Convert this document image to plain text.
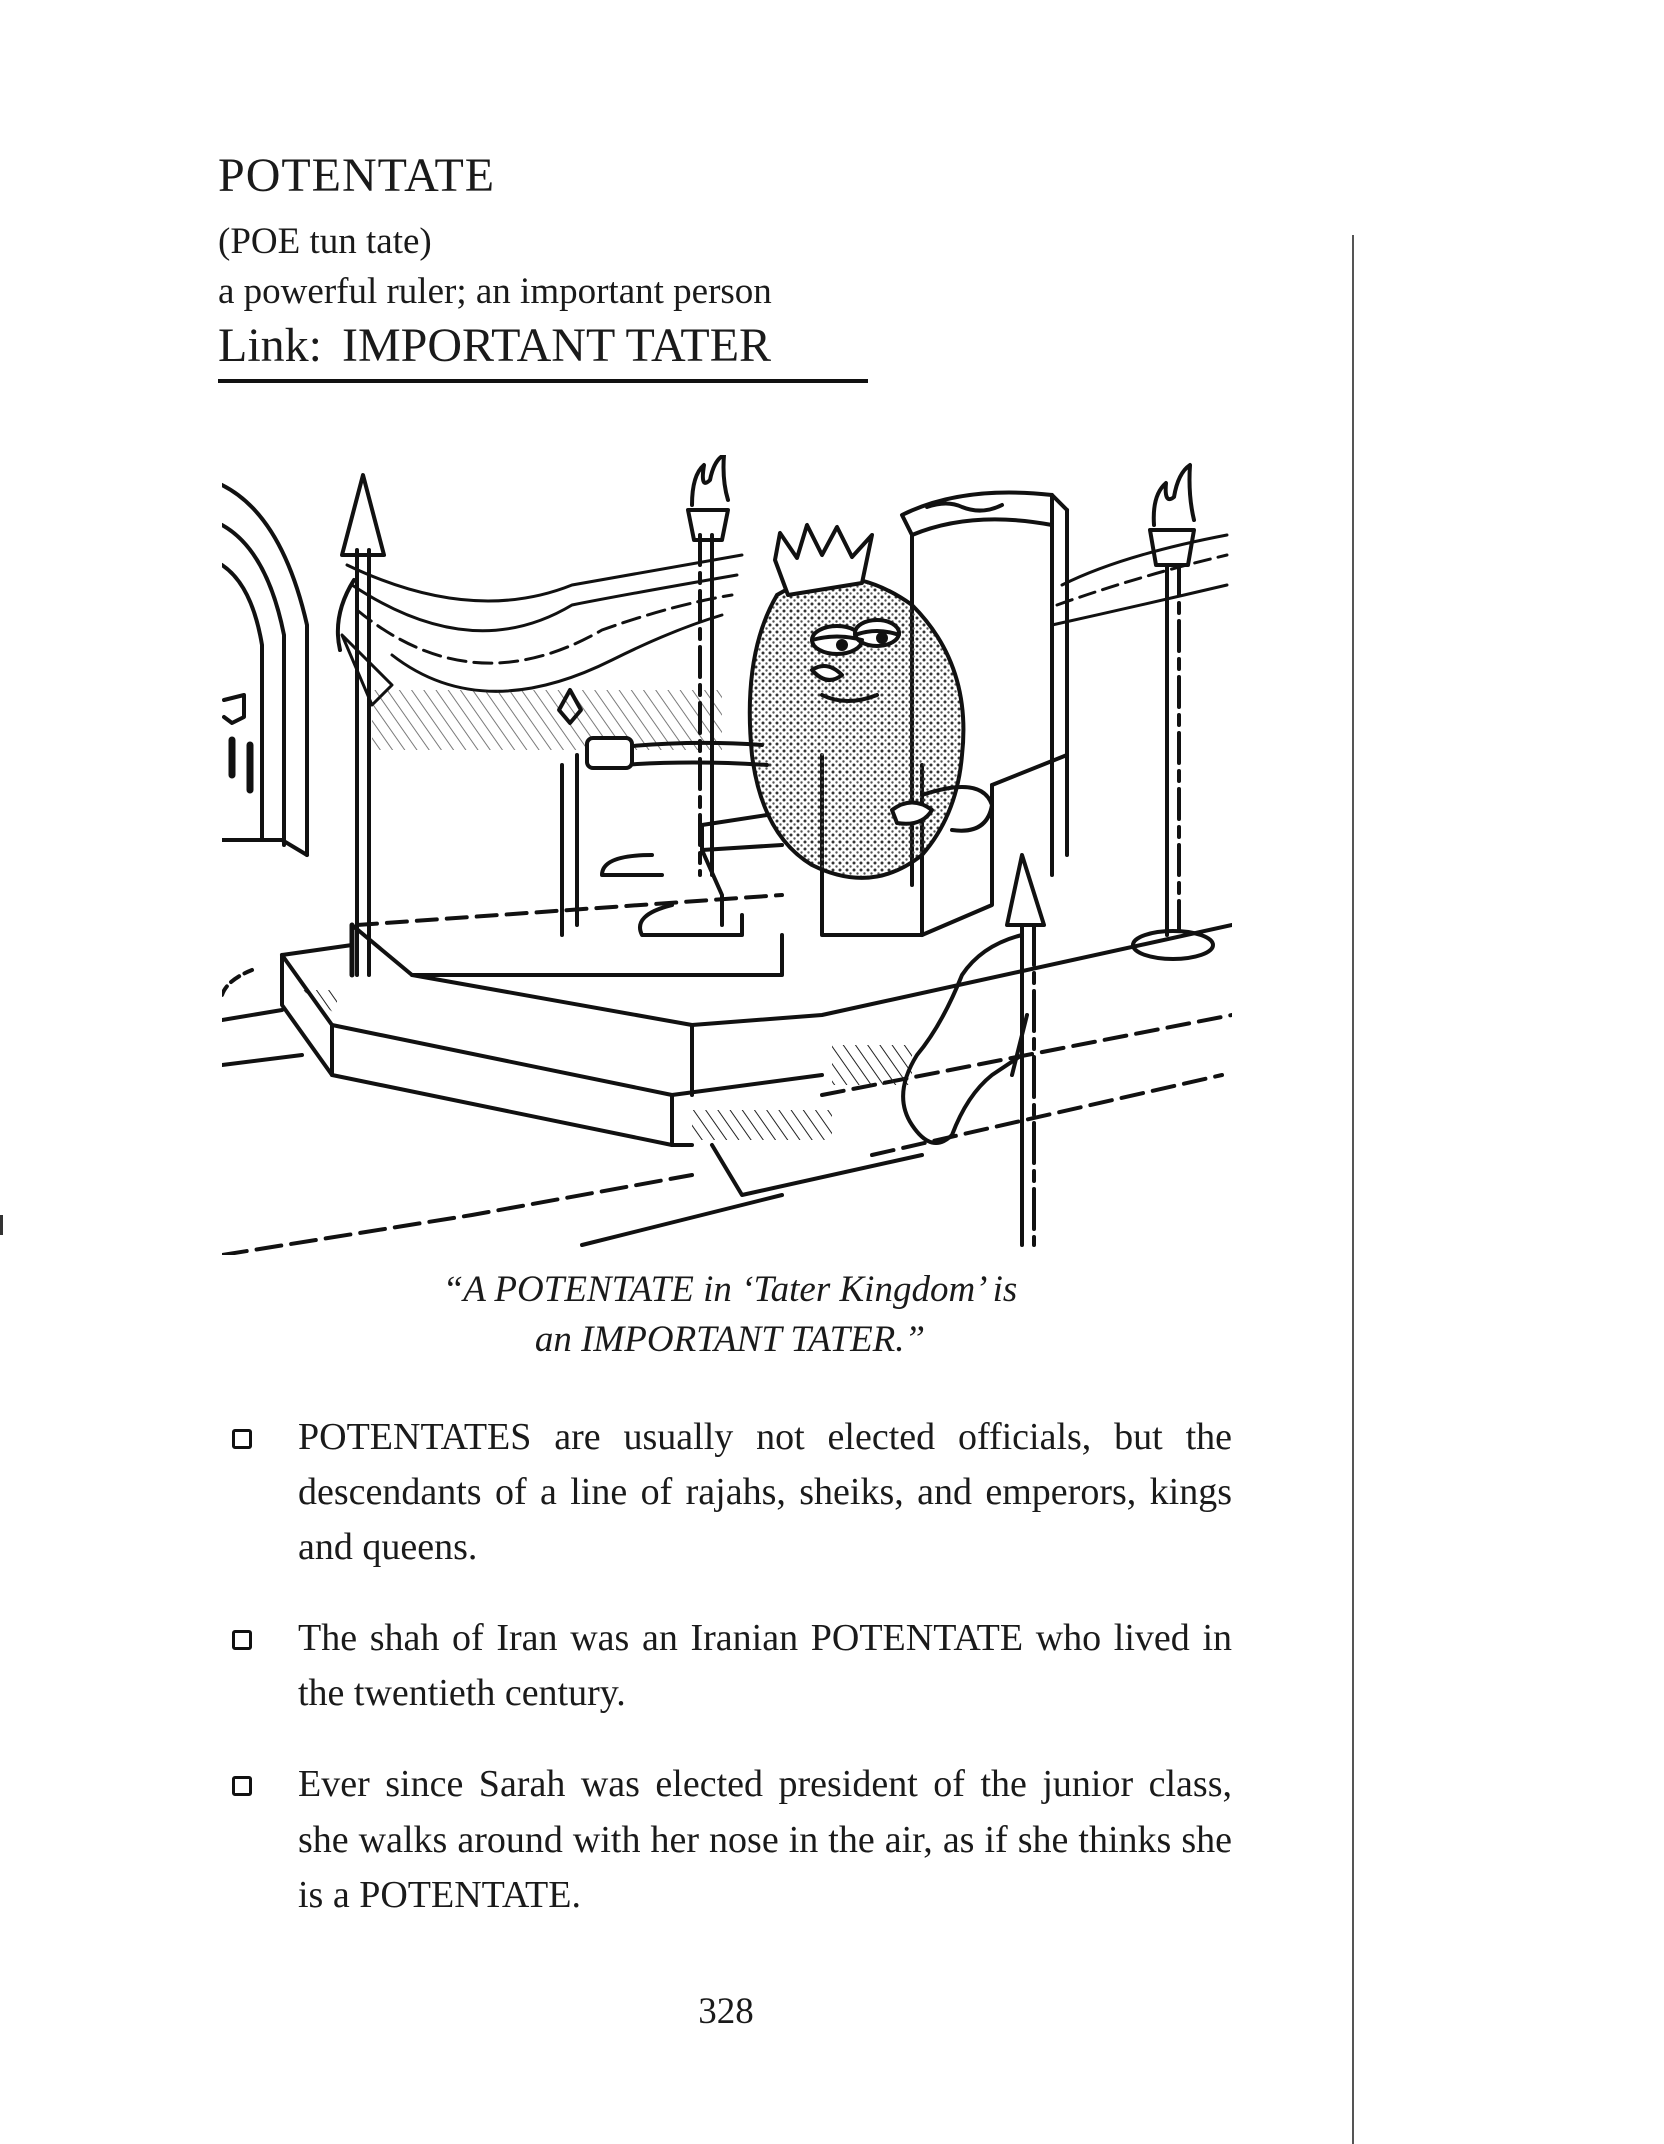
POTENTATE
(POE tun tate)
a powerful ruler; an important person
Link: IMPORTANT TATER
“A POTENTATE in ‘Tater Kingdom’ is
an IMPORTANT TATER.”
POTENTATES are usually not elected officials, but the descendants of a line of rajahs, sheiks, and emperors, kings and queens.
The shah of Iran was an Iranian POTENTATE who lived in the twentieth century.
Ever since Sarah was elected president of the junior class, she walks around with her nose in the air, as if she thinks she is a POTENTATE.
328
